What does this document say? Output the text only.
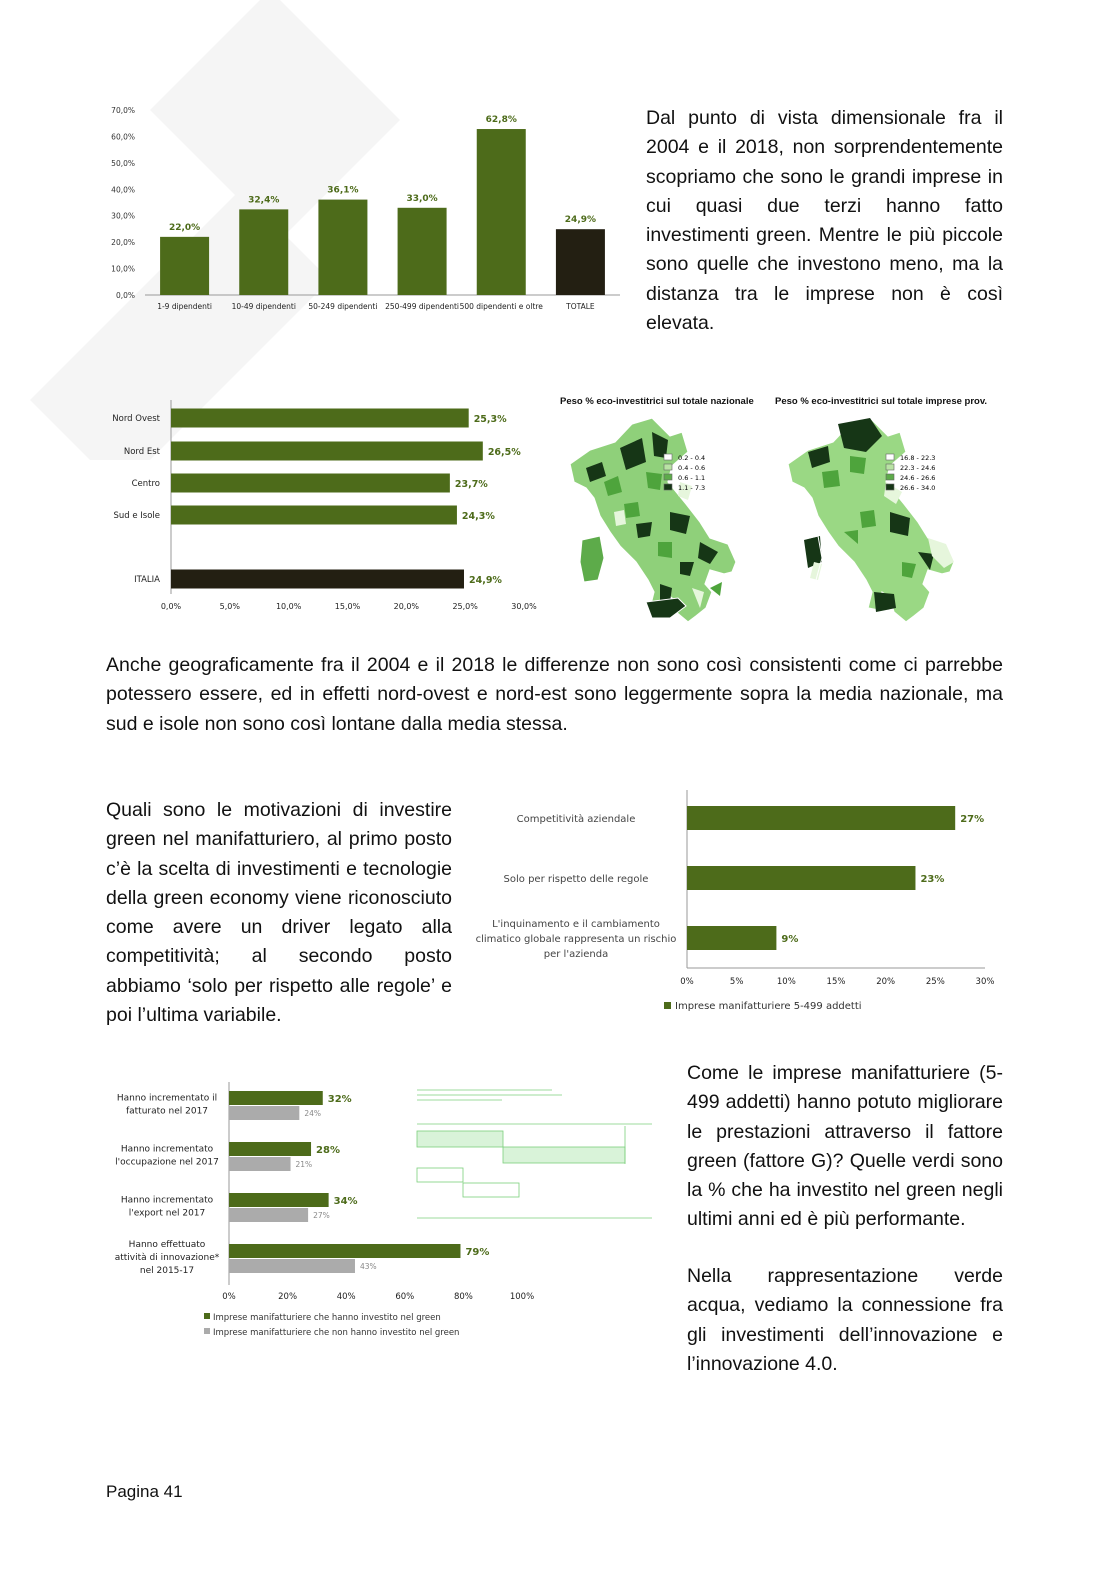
0,0%
10,0%
20,0%
30,0%
40,0%
50,0%
60,0%
70,0%
22,0%
1-9 dipendenti
32,4%
10-49 dipendenti
36,1%
50-249 dipendenti
33,0%
250-499 dipendenti
62,8%
500 dipendenti e oltre
24,9%
TOTALE
Dal punto di vista dimensionale fra il 2004 e il 2018, non sorprendentemente scopriamo che sono le grandi imprese in cui quasi due terzi hanno fatto investimenti green. Mentre le più piccole sono quelle che investono meno, ma la distanza tra le imprese non è così elevata.
Nord Ovest	25,3%
Nord Est	26,5%
Centro	23,7%
Sud e Isole	24,3%
ITALIA	24,9%
0,0%	5,0%	10,0%	15,0%	20,0%	25,0%	30,0%
Peso % eco-investitrici sul totale nazionale Peso % eco-investitrici sul totale imprese prov.
0.2 - 0.4
0.4 - 0.6
0.6 - 1.1
1.1 - 7.3
16.8 - 22.3
22.3 - 24.6
24.6 - 26.6
26.6 - 34.0
Anche geograficamente fra il 2004 e il 2018 le differenze non sono così consistenti come ci parrebbe potessero essere, ed in effetti nord-ovest e nord-est sono leggermente sopra la media nazionale, ma sud e isole non sono così lontane dalla media stessa.
Quali sono le motivazioni di investire green nel manifatturiero, al primo posto c’è la scelta di investimenti e tecnologie della green economy viene riconosciuto come avere un driver legato alla competitività; al secondo posto abbiamo ‘solo per rispetto alle regole’ e poi l’ultima variabile.
27%
Competitività aziendale
23%
Solo per rispetto delle regole
9%
L'inquinamento e il cambiamento
climatico globale rappresenta un rischio
per l'azienda
0%	5%	10%	15%	20%	25%	30%
Imprese manifatturiere 5-499 addetti
32%
24%
Hanno incrementato il
fatturato nel 2017
28%
21%
Hanno incrementato
l'occupazione nel 2017
34%
27%
Hanno incrementato
l'export nel 2017
79%
43%
Hanno effettuato
attività di innovazione*
nel 2015-17
0%	20%	40%	60%	80%	100%
Imprese manifatturiere che hanno investito nel green
Imprese manifatturiere che non hanno investito nel green
Come le imprese manifatturiere (5-499 addetti) hanno potuto migliorare le prestazioni attraverso il fattore green (fattore G)? Quelle verdi sono la % che ha investito nel green negli ultimi anni ed è più performante.
Nella rappresentazione verde acqua, vediamo la connessione fra gli investimenti dell’innovazione e l’innovazione 4.0.
Pagina 41
